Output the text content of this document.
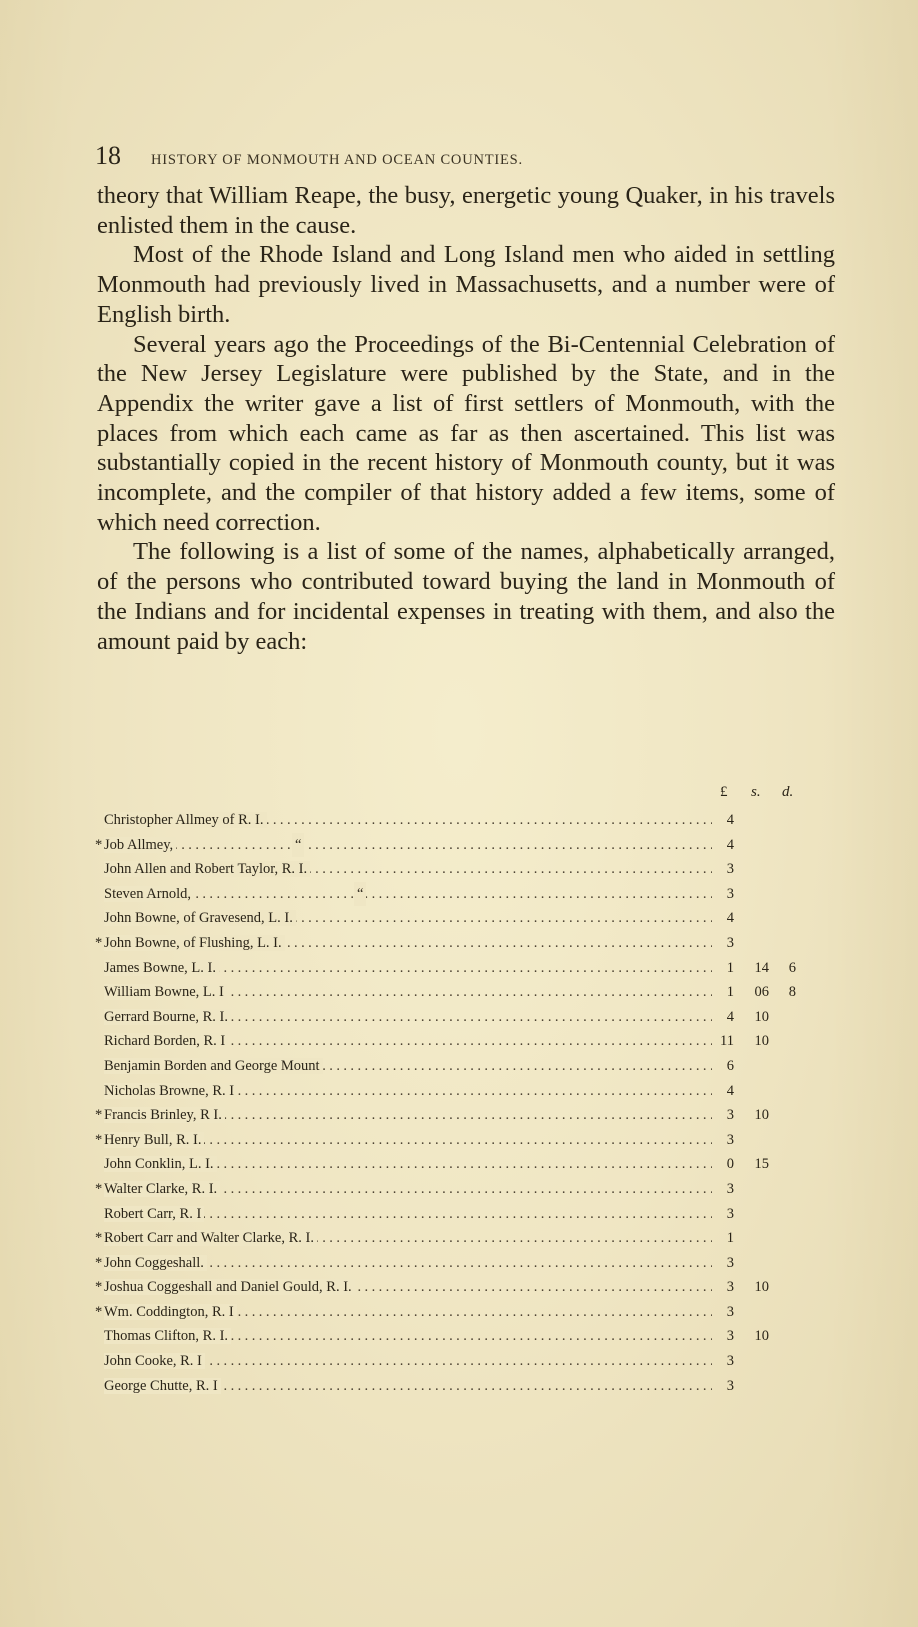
18 HISTORY OF MONMOUTH AND OCEAN COUNTIES.

theory that William Reape, the busy, energetic young Quaker, in his travels enlisted them in the cause.

Most of the Rhode Island and Long Island men who aided in settling Monmouth had previously lived in Massachusetts, and a number were of English birth.

Several years ago the Proceedings of the Bi-Centennial Celebration of the New Jersey Legislature were published by the State, and in the Appendix the writer gave a list of first settlers of Monmouth, with the places from which each came as far as then ascertained. This list was substantially copied in the recent history of Monmouth county, but it was incomplete, and the compiler of that history added a few items, some of which need correction.

The following is a list of some of the names, alphabetically arranged, of the persons who contributed toward buying the land in Monmouth of the Indians and for incidental expenses in treating with them, and also the amount paid by each:

£ s. d.
. . .
Christopher Allmey of R. I.	4
. . .
* Job Allmey,	“	4
. . .
John Allen and Robert Taylor, R. I.	3
. . .
Steven Arnold,	“	3
. . .
John Bowne, of Gravesend, L. I.	4
. . .
* John Bowne, of Flushing, L. I.	3
. . .
James Bowne, L. I.	1	14	6
. . .
William Bowne, L. I	1	06	8
. . .
Gerrard Bourne, R. I.	4	10
. . .
Richard Borden, R. I	11	10
. . .
Benjamin Borden and George Mount	6
. . .
Nicholas Browne, R. I	4
. . .
* Francis Brinley, R I.	3	10
. . .
* Henry Bull, R. I.	3
. . .
John Conklin, L. I.	0	15
. . .
* Walter Clarke, R. I.	3
. . .
Robert Carr, R. I	3
. . .
* Robert Carr and Walter Clarke, R. I.	1
. . .
* John Coggeshall.	3
. . .
* Joshua Coggeshall and Daniel Gould, R. I.	3	10
. . .
* Wm. Coddington, R. I	3
. . .
Thomas Clifton, R. I.	3	10
. . .
John Cooke, R. I	3
. . .
George Chutte, R. I	3
